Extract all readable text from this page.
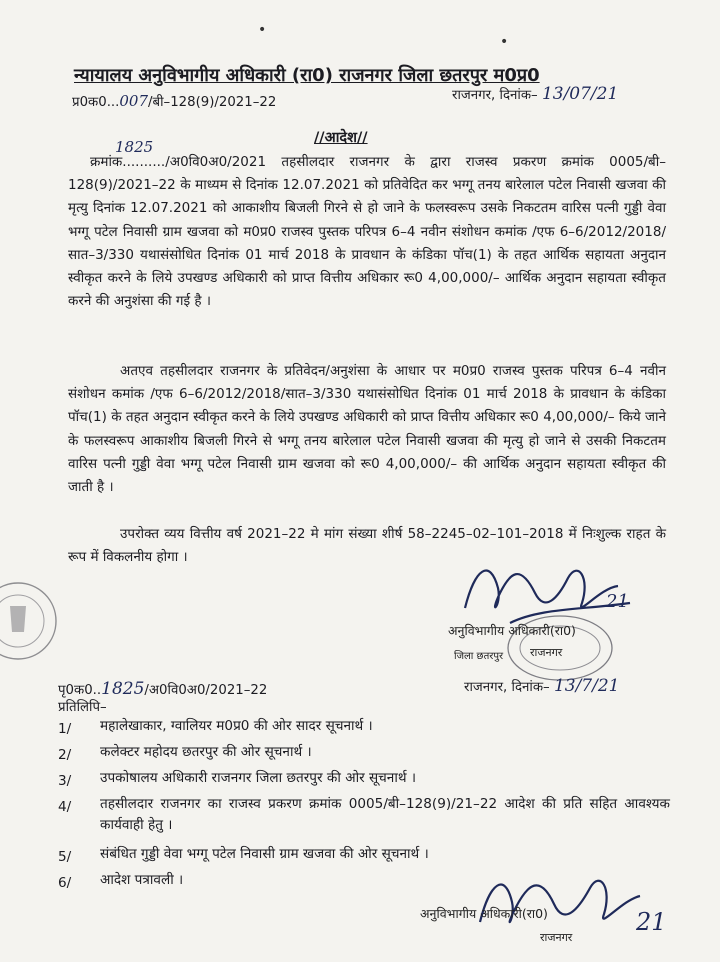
न्यायालय अनुविभागीय अधिकारी (रा0) राजनगर जिला छतरपुर म0प्र0
प्र0क0...007/बी–128(9)/2021–22	राजनगर, दिनांक– 13/07/21
//आदेश//
1825
क्रमांक........../अ0वि0अ0/2021 तहसीलदार राजनगर के द्वारा राजस्व प्रकरण क्रमांक 0005/बी–128(9)/2021–22 के माध्यम से दिनांक 12.07.2021 को प्रतिवेदित कर भग्गू तनय बारेलाल पटेल निवासी खजवा की मृत्यु दिनांक 12.07.2021 को आकाशीय बिजली गिरने से हो जाने के फलस्वरूप उसके निकटतम वारिस पत्नी गुड्डी वेवा भग्गू पटेल निवासी ग्राम खजवा को म0प्र0 राजस्व पुस्तक परिपत्र 6–4 नवीन संशोधन कमांक /एफ 6–6/2012/2018/सात–3/330 यथासंसोधित दिनांक 01 मार्च 2018 के प्रावधान के कंडिका पॉच(1) के तहत आर्थिक सहायता अनुदान स्वीकृत करने के लिये उपखण्ड अधिकारी को प्राप्त वित्तीय अधिकार रू0 4,00,000/– आर्थिक अनुदान सहायता स्वीकृत करने की अनुशंसा की गई है ।
अतएव तहसीलदार राजनगर के प्रतिवेदन/अनुशंसा के आधार पर म0प्र0 राजस्व पुस्तक परिपत्र 6–4 नवीन संशोधन कमांक /एफ 6–6/2012/2018/सात–3/330 यथासंसोधित दिनांक 01 मार्च 2018 के प्रावधान के कंडिका पॉच(1) के तहत अनुदान स्वीकृत करने के लिये उपखण्ड अधिकारी को प्राप्त वित्तीय अधिकार रू0 4,00,000/– किये जाने के फलस्वरूप आकाशीय बिजली गिरने से भग्गू तनय बारेलाल पटेल निवासी खजवा की मृत्यु हो जाने से उसकी निकटतम वारिस पत्नी गुड्डी वेवा भग्गू पटेल निवासी ग्राम खजवा को रू0 4,00,000/– की आर्थिक अनुदान सहायता स्वीकृत की जाती है ।
उपरोक्त व्यय वित्तीय वर्ष 2021–22 मे मांग संख्या शीर्ष 58–2245–02–101–2018 में निःशुल्क राहत के रूप में विकलनीय होगा ।
21
अनुविभागीय अधिकारी(रा0)
जिला छतरपुर राजनगर
पृ0क0..1825/अ0वि0अ0/2021–22	राजनगर, दिनांक– 13/7/21
प्रतिलिपि–
1/	महालेखाकार, ग्वालियर म0प्र0 की ओर सादर सूचनार्थ ।
2/	कलेक्टर महोदय छतरपुर की ओर सूचनार्थ ।
3/	उपकोषालय अधिकारी राजनगर जिला छतरपुर की ओर सूचनार्थ ।
4/	तहसीलदार राजनगर का राजस्व प्रकरण क्रमांक 0005/बी–128(9)/21–22 आदेश की प्रति सहित आवश्यक कार्यवाही हेतु ।
5/	संबंधित गुड्डी वेवा भग्गू पटेल निवासी ग्राम खजवा की ओर सूचनार्थ ।
6/	आदेश पत्रावली ।
21
अनुविभागीय अधिकारी(रा0)
राजनगर
•
•
